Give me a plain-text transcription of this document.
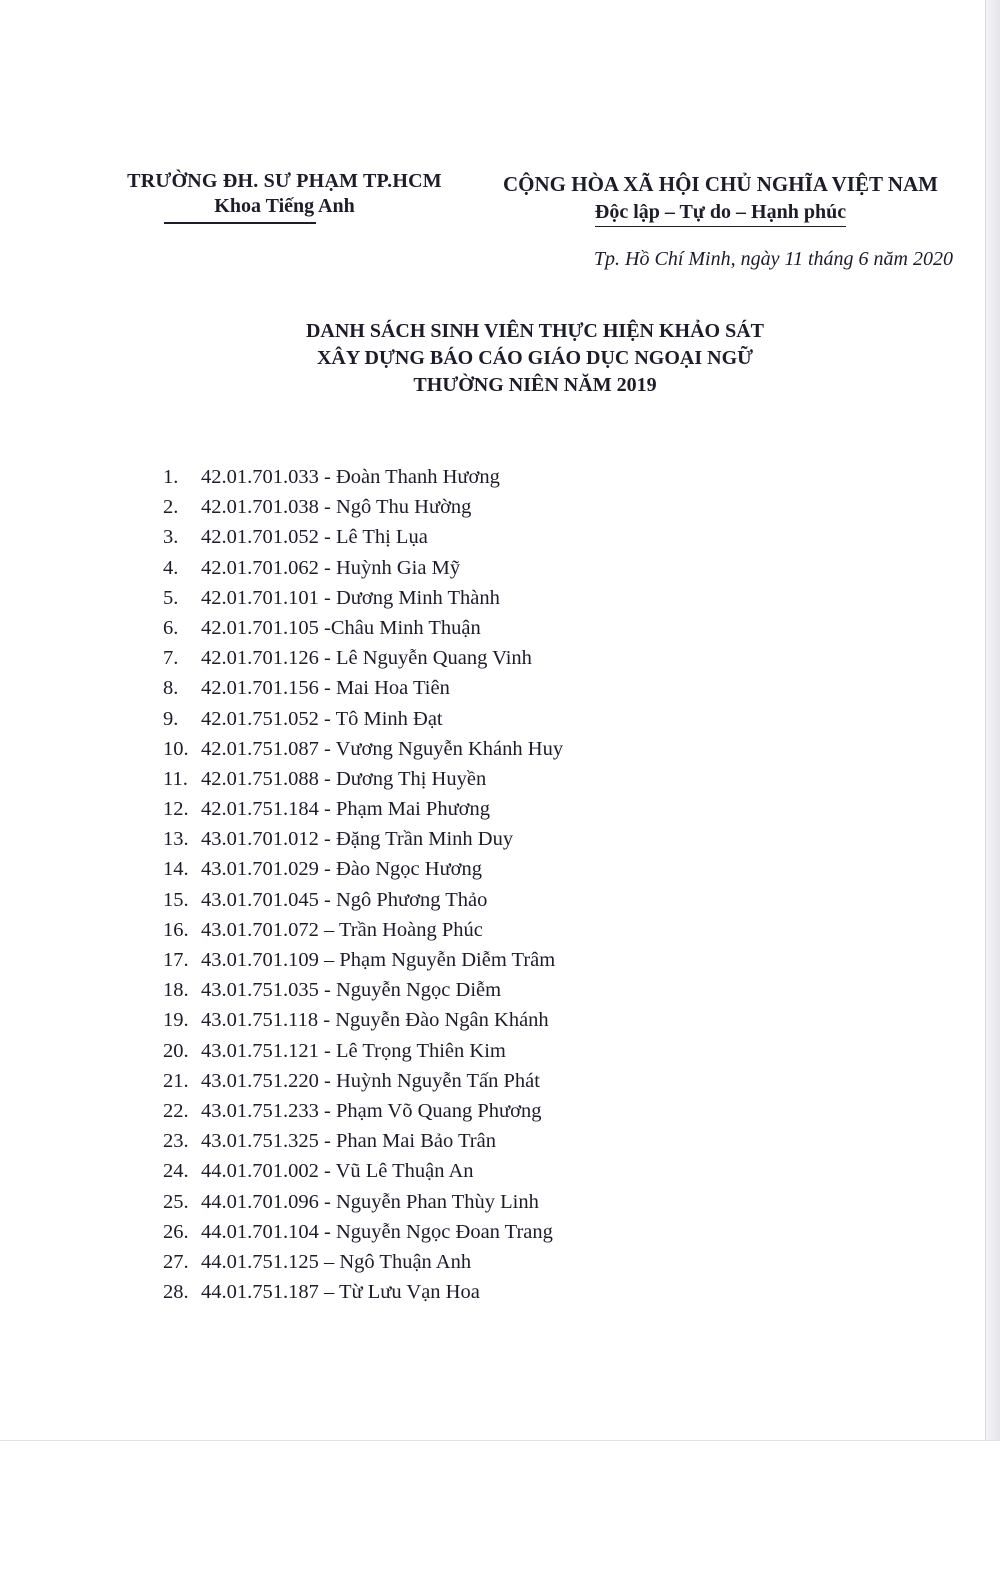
TRƯỜNG ĐH. SƯ PHẠM TP.HCM
Khoa Tiếng Anh
CỘNG HÒA XÃ HỘI CHỦ NGHĨA VIỆT NAM
Độc lập – Tự do – Hạnh phúc
Tp. Hồ Chí Minh, ngày 11 tháng 6 năm 2020
DANH SÁCH SINH VIÊN THỰC HIỆN KHẢO SÁT
XÂY DỰNG BÁO CÁO GIÁO DỤC NGOẠI NGỮ
THƯỜNG NIÊN NĂM 2019
1. 42.01.701.033 - Đoàn Thanh Hương
2. 42.01.701.038 - Ngô Thu Hường
3. 42.01.701.052 - Lê Thị Lụa
4. 42.01.701.062 - Huỳnh Gia Mỹ
5. 42.01.701.101 - Dương Minh Thành
6. 42.01.701.105 -Châu Minh Thuận
7. 42.01.701.126 - Lê Nguyễn Quang Vinh
8. 42.01.701.156 - Mai Hoa Tiên
9. 42.01.751.052 - Tô Minh Đạt
10. 42.01.751.087 - Vương Nguyễn Khánh Huy
11. 42.01.751.088 - Dương Thị Huyền
12. 42.01.751.184 - Phạm Mai Phương
13. 43.01.701.012 - Đặng Trần Minh Duy
14. 43.01.701.029 - Đào Ngọc Hương
15. 43.01.701.045 - Ngô Phương Thảo
16. 43.01.701.072 – Trần Hoàng Phúc
17. 43.01.701.109 – Phạm Nguyễn Diễm Trâm
18. 43.01.751.035 - Nguyễn Ngọc Diễm
19. 43.01.751.118 - Nguyễn Đào Ngân Khánh
20. 43.01.751.121 - Lê Trọng Thiên Kim
21. 43.01.751.220 - Huỳnh Nguyễn Tấn Phát
22. 43.01.751.233 - Phạm Võ Quang Phương
23. 43.01.751.325 - Phan Mai Bảo Trân
24. 44.01.701.002 - Vũ Lê Thuận An
25. 44.01.701.096 - Nguyễn Phan Thùy Linh
26. 44.01.701.104 - Nguyễn Ngọc Đoan Trang
27. 44.01.751.125 – Ngô Thuận Anh
28. 44.01.751.187 – Từ Lưu Vạn Hoa
